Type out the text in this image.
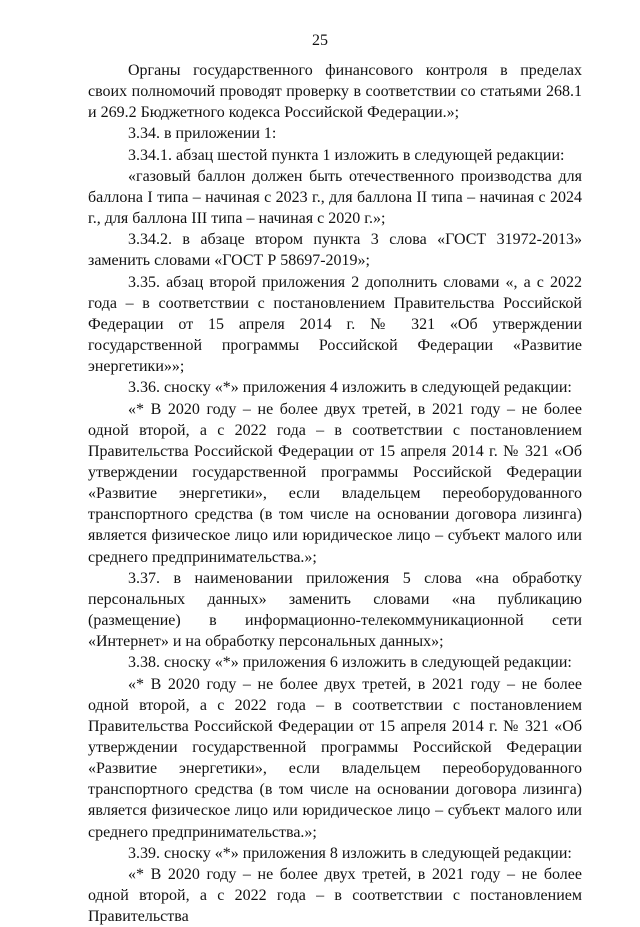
25

Органы государственного финансового контроля в пределах своих полномочий проводят проверку в соответствии со статьями 268.1 и 269.2 Бюджетного кодекса Российской Федерации.»;

3.34. в приложении 1:

3.34.1. абзац шестой пункта 1 изложить в следующей редакции:

«газовый баллон должен быть отечественного производства для баллона I типа – начиная с 2023 г., для баллона II типа – начиная с 2024 г., для баллона III типа – начиная с 2020 г.»;

3.34.2. в абзаце втором пункта 3 слова «ГОСТ 31972-2013» заменить словами «ГОСТ Р 58697-2019»;

3.35. абзац второй приложения 2 дополнить словами «, а с 2022 года – в соответствии с постановлением Правительства Российской Федерации от 15 апреля 2014 г. № 321 «Об утверждении государственной программы Российской Федерации «Развитие энергетики»»;

3.36. сноску «*» приложения 4 изложить в следующей редакции:

«* В 2020 году – не более двух третей, в 2021 году – не более одной второй, а с 2022 года – в соответствии с постановлением Правительства Российской Федерации от 15 апреля 2014 г. № 321 «Об утверждении государственной программы Российской Федерации «Развитие энергетики», если владельцем переоборудованного транспортного средства (в том числе на основании договора лизинга) является физическое лицо или юридическое лицо – субъект малого или среднего предпринимательства.»;

3.37. в наименовании приложения 5 слова «на обработку персональных данных» заменить словами «на публикацию (размещение) в информационно-телекоммуникационной сети «Интернет» и на обработку персональных данных»;

3.38. сноску «*» приложения 6 изложить в следующей редакции:

«* В 2020 году – не более двух третей, в 2021 году – не более одной второй, а с 2022 года – в соответствии с постановлением Правительства Российской Федерации от 15 апреля 2014 г. № 321 «Об утверждении государственной программы Российской Федерации «Развитие энергетики», если владельцем переоборудованного транспортного средства (в том числе на основании договора лизинга) является физическое лицо или юридическое лицо – субъект малого или среднего предпринимательства.»;

3.39. сноску «*» приложения 8 изложить в следующей редакции:

«* В 2020 году – не более двух третей, в 2021 году – не более одной второй, а с 2022 года – в соответствии с постановлением Правительства
